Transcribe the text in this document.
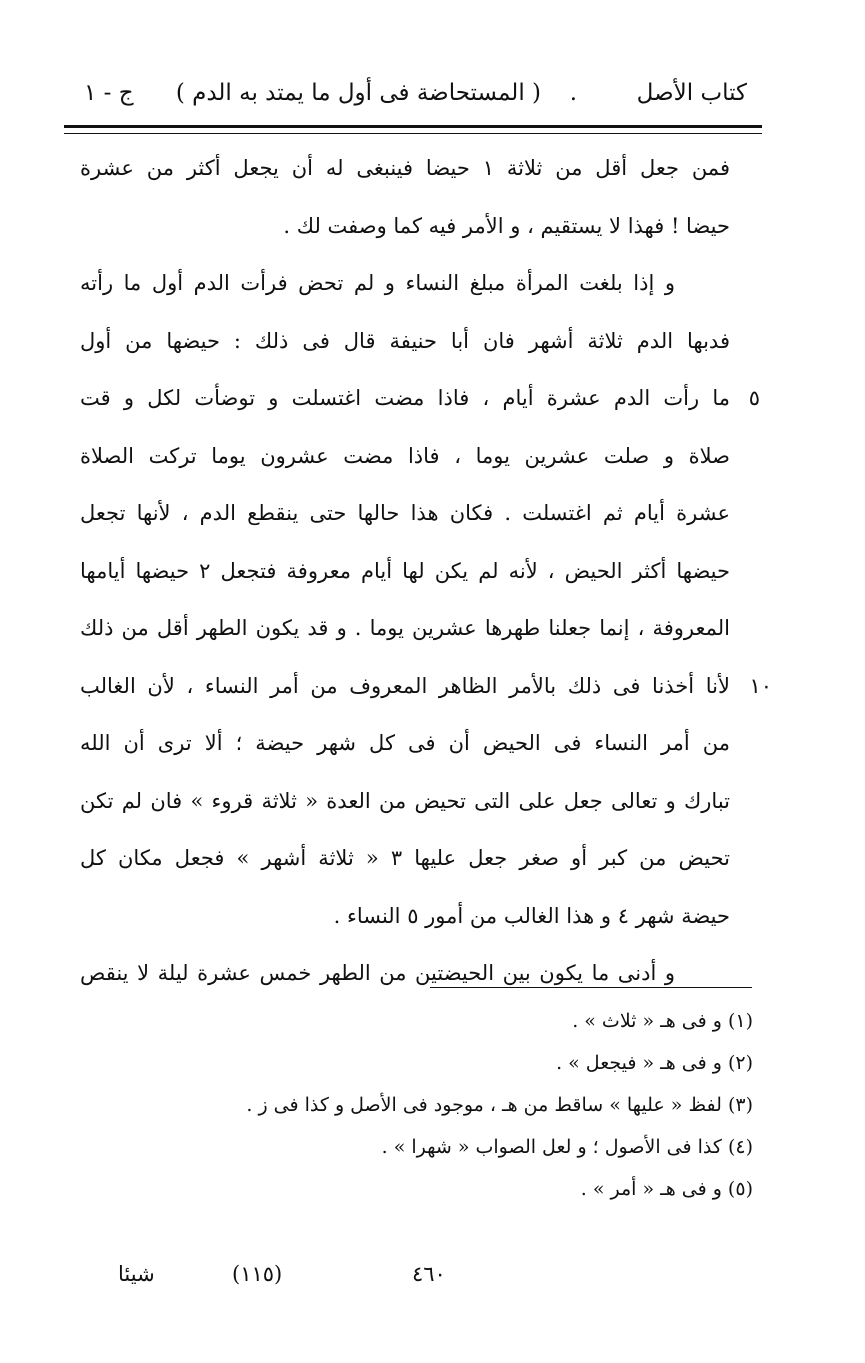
كتاب الأصل
.
( المستحاضة فى أول ما يمتد به الدم )
ج - ١
فمن جعل أقل من ثلاثة ١ حيضا فينبغى له أن يجعل أكثر من عشرة
حيضا ! فهذا لا يستقيم ، و الأمر فيه كما وصفت لك .
و إذا بلغت المرأة مبلغ النساء و لم تحض فرأت الدم أول ما رأته
فدبها الدم ثلاثة أشهر فان أبا حنيفة قال فى ذلك : حيضها من أول
٥
ما رأت الدم عشرة أيام ، فاذا مضت اغتسلت و توضأت لكل و قت
صلاة و صلت عشرين يوما ، فاذا مضت عشرون يوما تركت الصلاة
عشرة أيام ثم اغتسلت . فكان هذا حالها حتى ينقطع الدم ، لأنها تجعل
حيضها أكثر الحيض ، لأنه لم يكن لها أيام معروفة فتجعل ٢ حيضها أيامها
المعروفة ، إنما جعلنا طهرها عشرين يوما . و قد يكون الطهر أقل من ذلك
١٠
لأنا أخذنا فى ذلك بالأمر الظاهر المعروف من أمر النساء ، لأن الغالب
من أمر النساء فى الحيض أن فى كل شهر حيضة ؛ ألا ترى أن الله
تبارك و تعالى جعل على التى تحيض من العدة « ثلاثة قروء » فان لم تكن
تحيض من كبر أو صغر جعل عليها ٣ « ثلاثة أشهر » فجعل مكان كل
حيضة شهر ٤ و هذا الغالب من أمور ٥ النساء .
و أدنى ما يكون بين الحيضتين من الطهر خمس عشرة ليلة لا ينقص
(١) و فى هـ « ثلاث » .
(٢) و فى هـ « فيجعل » .
(٣) لفظ « عليها » ساقط من هـ ، موجود فى الأصل و كذا فى ز .
(٤) كذا فى الأصول ؛ و لعل الصواب « شهرا » .
(٥) و فى هـ « أمر » .
شيئا	(١١٥)	٤٦٠
